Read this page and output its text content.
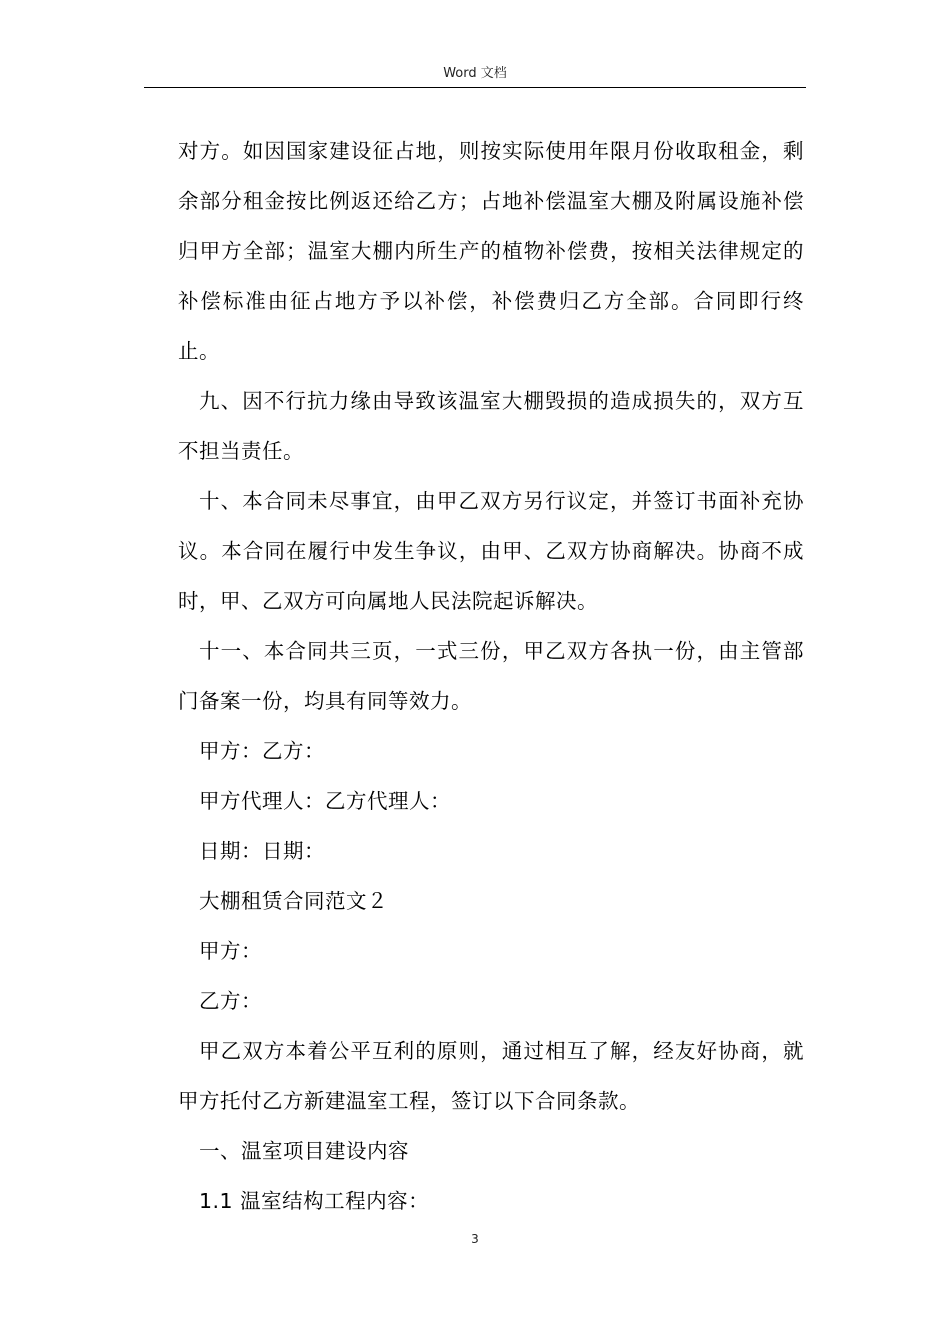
Word 文档

对方。如因国家建设征占地，则按实际使用年限月份收取租金，剩余部分租金按比例返还给乙方；占地补偿温室大棚及附属设施补偿归甲方全部；温室大棚内所生产的植物补偿费，按相关法律规定的补偿标准由征占地方予以补偿，补偿费归乙方全部。合同即行终止。

九、因不行抗力缘由导致该温室大棚毁损的造成损失的，双方互不担当责任。

十、本合同未尽事宜，由甲乙双方另行议定，并签订书面补充协议。本合同在履行中发生争议，由甲、乙双方协商解决。协商不成时，甲、乙双方可向属地人民法院起诉解决。

十一、本合同共三页，一式三份，甲乙双方各执一份，由主管部门备案一份，均具有同等效力。

甲方：乙方：

甲方代理人：乙方代理人：

日期：日期：

大棚租赁合同范文２

甲方：

乙方：

甲乙双方本着公平互利的原则，通过相互了解，经友好协商，就甲方托付乙方新建温室工程，签订以下合同条款。

一、温室项目建设内容

1.1 温室结构工程内容：

3
